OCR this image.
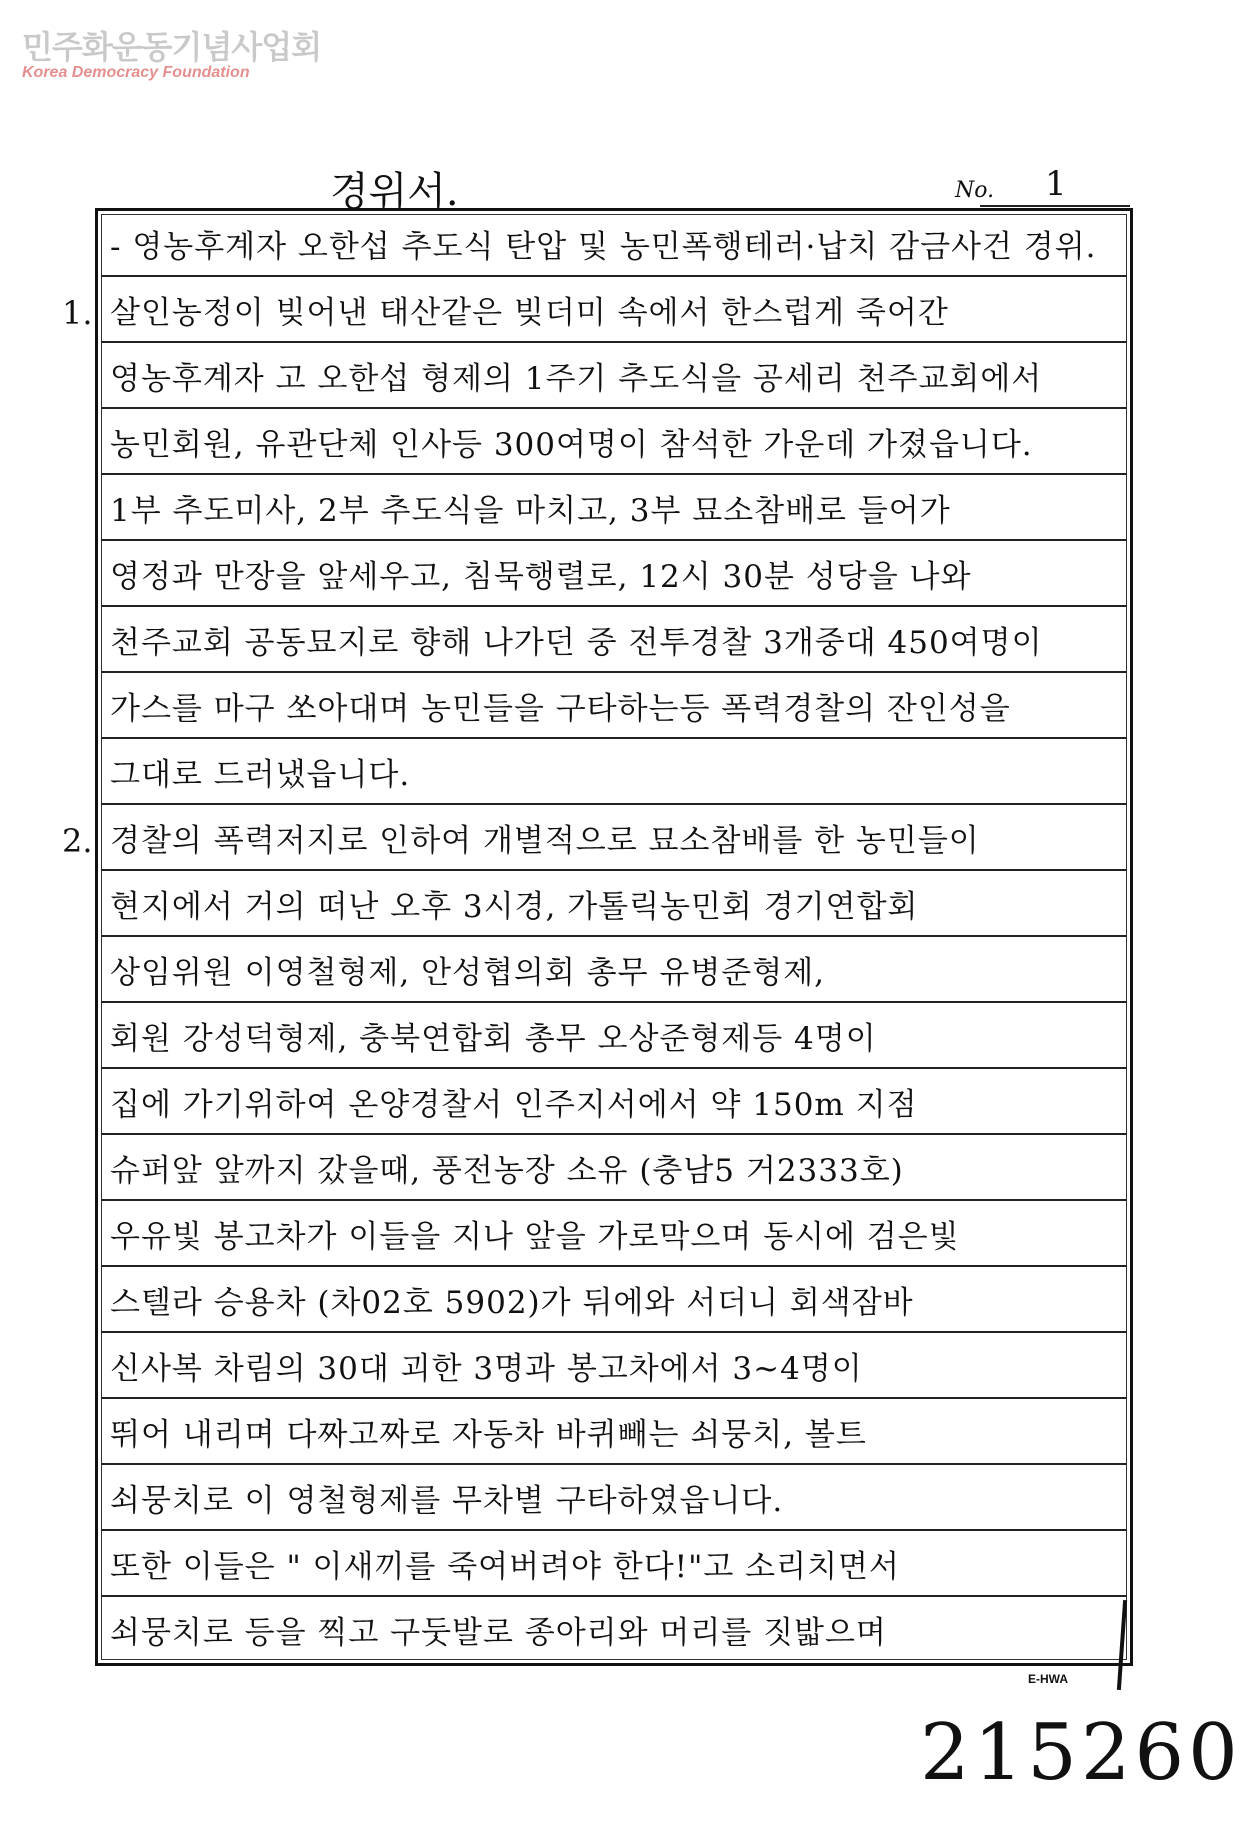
민주화운동기념사업회
Korea Democracy Foundation
경위서.	No. 1
- 영농후계자 오한섭 추도식 탄압 및 농민폭행테러·납치 감금사건 경위.
살인농정이 빚어낸 태산같은 빚더미 속에서 한스럽게 죽어간
1.
영농후계자 고 오한섭 형제의 1주기 추도식을 공세리 천주교회에서
농민회원, 유관단체 인사등 300여명이 참석한 가운데 가졌읍니다.
1부 추도미사, 2부 추도식을 마치고, 3부 묘소참배로 들어가
영정과 만장을 앞세우고, 침묵행렬로, 12시 30분 성당을 나와
천주교회 공동묘지로 향해 나가던 중 전투경찰 3개중대 450여명이
가스를 마구 쏘아대며 농민들을 구타하는등 폭력경찰의 잔인성을
그대로 드러냈읍니다.
경찰의 폭력저지로 인하여 개별적으로 묘소참배를 한 농민들이
2.
현지에서 거의 떠난 오후 3시경, 가톨릭농민회 경기연합회
상임위원 이영철형제, 안성협의회 총무 유병준형제,
회원 강성덕형제, 충북연합회 총무 오상준형제등 4명이
집에 가기위하여 온양경찰서 인주지서에서 약 150m 지점
슈퍼앞 앞까지 갔을때, 풍전농장 소유 (충남5 거2333호)
우유빛 봉고차가 이들을 지나 앞을 가로막으며 동시에 검은빛
스텔라 승용차 (차02호 5902)가 뒤에와 서더니 회색잠바
신사복 차림의 30대 괴한 3명과 봉고차에서 3~4명이
뛰어 내리며 다짜고짜로 자동차 바퀴빼는 쇠뭉치, 볼트
쇠뭉치로 이 영철형제를 무차별 구타하였읍니다.
또한 이들은 " 이새끼를 죽여버려야 한다!"고 소리치면서
쇠뭉치로 등을 찍고 구둣발로 종아리와 머리를 짓밟으며
E-HWA
215260
